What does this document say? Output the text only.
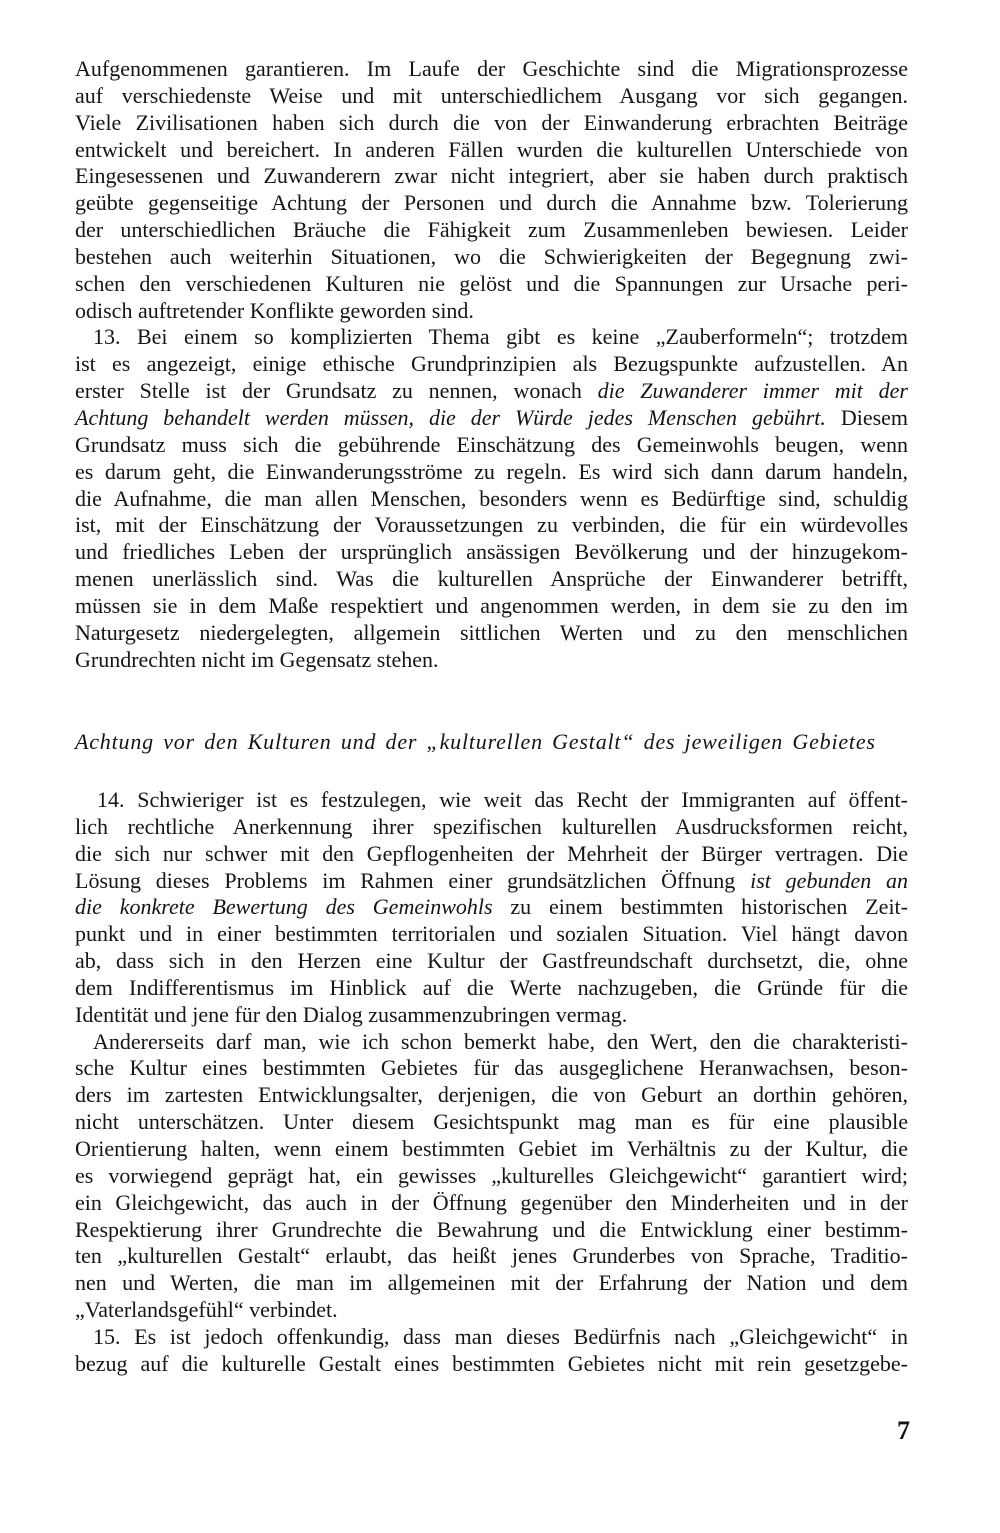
Aufgenommenen garantieren. Im Laufe der Geschichte sind die Migrationsprozesse
auf verschiedenste Weise und mit unterschiedlichem Ausgang vor sich gegangen.
Viele Zivilisationen haben sich durch die von der Einwanderung erbrachten Beiträge
entwickelt und bereichert. In anderen Fällen wurden die kulturellen Unterschiede von
Eingesessenen und Zuwanderern zwar nicht integriert, aber sie haben durch praktisch
geübte gegenseitige Achtung der Personen und durch die Annahme bzw. Tolerierung
der unterschiedlichen Bräuche die Fähigkeit zum Zusammenleben bewiesen. Leider
bestehen auch weiterhin Situationen, wo die Schwierigkeiten der Begegnung zwi-
schen den verschiedenen Kulturen nie gelöst und die Spannungen zur Ursache peri-
odisch auftretender Konflikte geworden sind.
13. Bei einem so komplizierten Thema gibt es keine „Zauberformeln“; trotzdem
ist es angezeigt, einige ethische Grundprinzipien als Bezugspunkte aufzustellen. An
erster Stelle ist der Grundsatz zu nennen, wonach die Zuwanderer immer mit der
Achtung behandelt werden müssen, die der Würde jedes Menschen gebührt. Diesem
Grundsatz muss sich die gebührende Einschätzung des Gemeinwohls beugen, wenn
es darum geht, die Einwanderungsströme zu regeln. Es wird sich dann darum handeln,
die Aufnahme, die man allen Menschen, besonders wenn es Bedürftige sind, schuldig
ist, mit der Einschätzung der Voraussetzungen zu verbinden, die für ein würdevolles
und friedliches Leben der ursprünglich ansässigen Bevölkerung und der hinzugekom-
menen unerlässlich sind. Was die kulturellen Ansprüche der Einwanderer betrifft,
müssen sie in dem Maße respektiert und angenommen werden, in dem sie zu den im
Naturgesetz niedergelegten, allgemein sittlichen Werten und zu den menschlichen
Grundrechten nicht im Gegensatz stehen.
Achtung vor den Kulturen und der „kulturellen Gestalt“ des jeweiligen Gebietes
14. Schwieriger ist es festzulegen, wie weit das Recht der Immigranten auf öffent-
lich rechtliche Anerkennung ihrer spezifischen kulturellen Ausdrucksformen reicht,
die sich nur schwer mit den Gepflogenheiten der Mehrheit der Bürger vertragen. Die
Lösung dieses Problems im Rahmen einer grundsätzlichen Öffnung ist gebunden an
die konkrete Bewertung des Gemeinwohls zu einem bestimmten historischen Zeit-
punkt und in einer bestimmten territorialen und sozialen Situation. Viel hängt davon
ab, dass sich in den Herzen eine Kultur der Gastfreundschaft durchsetzt, die, ohne
dem Indifferentismus im Hinblick auf die Werte nachzugeben, die Gründe für die
Identität und jene für den Dialog zusammenzubringen vermag.
Andererseits darf man, wie ich schon bemerkt habe, den Wert, den die charakteristi-
sche Kultur eines bestimmten Gebietes für das ausgeglichene Heranwachsen, beson-
ders im zartesten Entwicklungsalter, derjenigen, die von Geburt an dorthin gehören,
nicht unterschätzen. Unter diesem Gesichtspunkt mag man es für eine plausible
Orientierung halten, wenn einem bestimmten Gebiet im Verhältnis zu der Kultur, die
es vorwiegend geprägt hat, ein gewisses „kulturelles Gleichgewicht“ garantiert wird;
ein Gleichgewicht, das auch in der Öffnung gegenüber den Minderheiten und in der
Respektierung ihrer Grundrechte die Bewahrung und die Entwicklung einer bestimm-
ten „kulturellen Gestalt“ erlaubt, das heißt jenes Grunderbes von Sprache, Traditio-
nen und Werten, die man im allgemeinen mit der Erfahrung der Nation und dem
„Vaterlandsgefühl“ verbindet.
15. Es ist jedoch offenkundig, dass man dieses Bedürfnis nach „Gleichgewicht“ in
bezug auf die kulturelle Gestalt eines bestimmten Gebietes nicht mit rein gesetzgebe-
7
